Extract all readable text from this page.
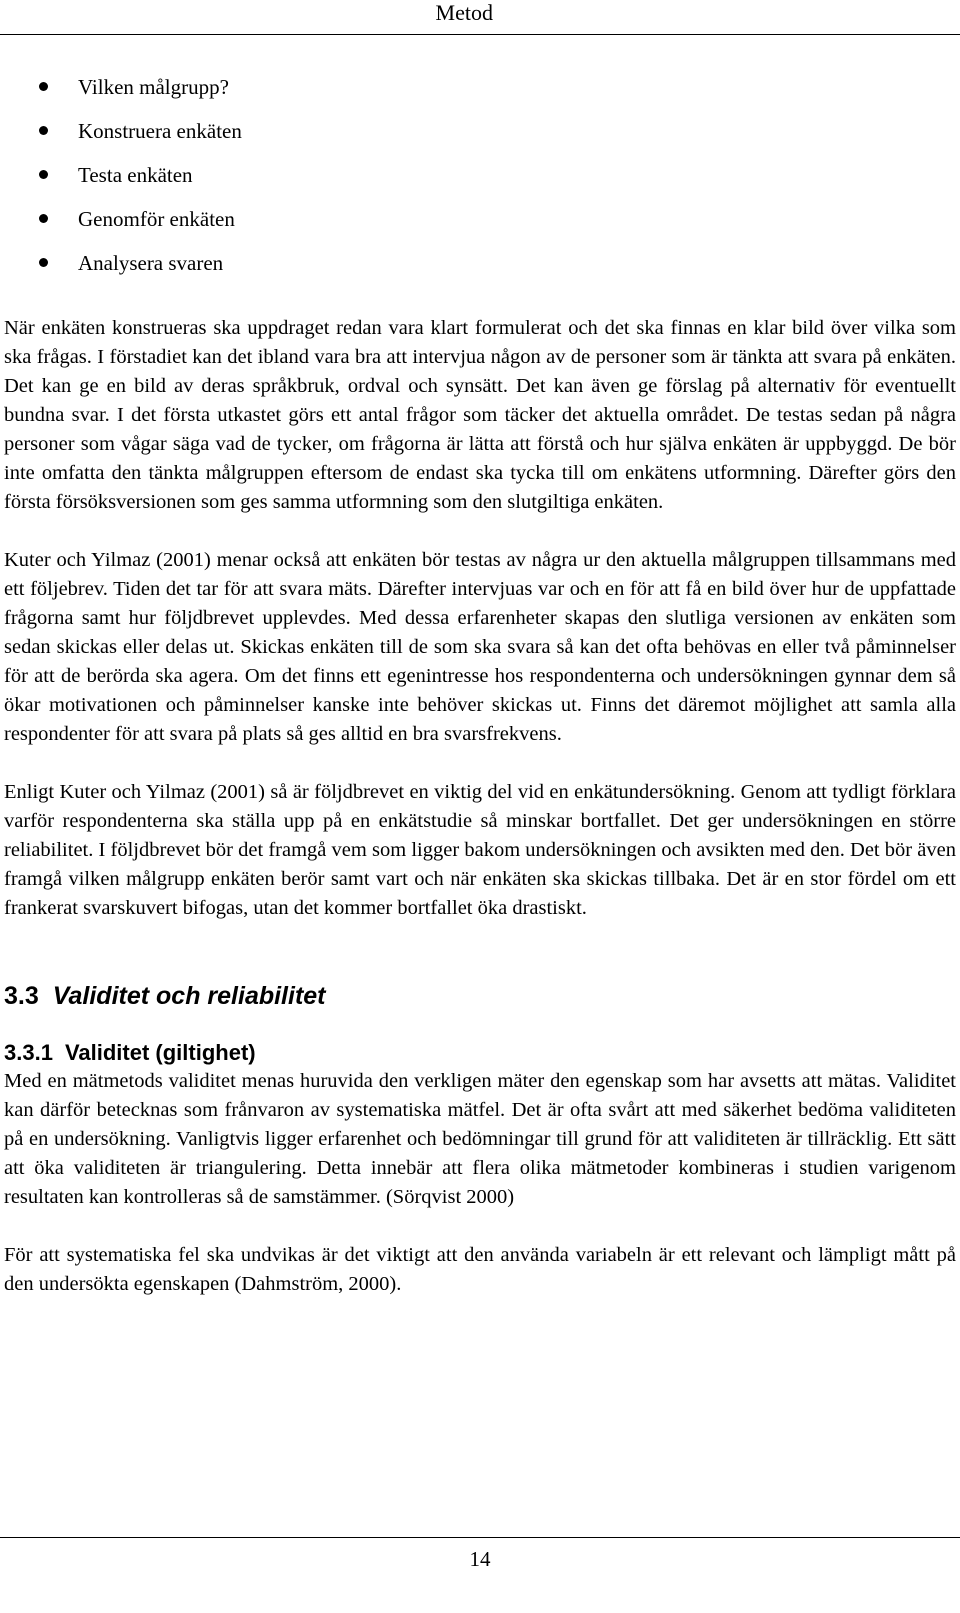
Metod
Vilken målgrupp?
Konstruera enkäten
Testa enkäten
Genomför enkäten
Analysera svaren

När enkäten konstrueras ska uppdraget redan vara klart formulerat och det ska finnas en klar bild över vilka som ska frågas. I förstadiet kan det ibland vara bra att intervjua någon av de personer som är tänkta att svara på enkäten. Det kan ge en bild av deras språkbruk, ordval och synsätt. Det kan även ge förslag på alternativ för eventuellt bundna svar. I det första utkastet görs ett antal frågor som täcker det aktuella området. De testas sedan på några personer som vågar säga vad de tycker, om frågorna är lätta att förstå och hur själva enkäten är uppbyggd. De bör inte omfatta den tänkta målgruppen eftersom de endast ska tycka till om enkätens utformning. Därefter görs den första försöksversionen som ges samma utformning som den slutgiltiga enkäten.

Kuter och Yilmaz (2001) menar också att enkäten bör testas av några ur den aktuella målgruppen tillsammans med ett följebrev. Tiden det tar för att svara mäts. Därefter intervjuas var och en för att få en bild över hur de uppfattade frågorna samt hur följdbrevet upplevdes. Med dessa erfarenheter skapas den slutliga versionen av enkäten som sedan skickas eller delas ut. Skickas enkäten till de som ska svara så kan det ofta behövas en eller två påminnelser för att de berörda ska agera. Om det finns ett egenintresse hos respondenterna och undersökningen gynnar dem så ökar motivationen och påminnelser kanske inte behöver skickas ut. Finns det däremot möjlighet att samla alla respondenter för att svara på plats så ges alltid en bra svarsfrekvens.

Enligt Kuter och Yilmaz (2001) så är följdbrevet en viktig del vid en enkätundersökning. Genom att tydligt förklara varför respondenterna ska ställa upp på en enkätstudie så minskar bortfallet. Det ger undersökningen en större reliabilitet. I följdbrevet bör det framgå vem som ligger bakom undersökningen och avsikten med den. Det bör även framgå vilken målgrupp enkäten berör samt vart och när enkäten ska skickas tillbaka. Det är en stor fördel om ett frankerat svarskuvert bifogas, utan det kommer bortfallet öka drastiskt.

3.3 Validitet och reliabilitet
3.3.1 Validitet (giltighet)

Med en mätmetods validitet menas huruvida den verkligen mäter den egenskap som har avsetts att mätas. Validitet kan därför betecknas som frånvaron av systematiska mätfel. Det är ofta svårt att med säkerhet bedöma validiteten på en undersökning. Vanligtvis ligger erfarenhet och bedömningar till grund för att validiteten är tillräcklig. Ett sätt att öka validiteten är triangulering. Detta innebär att flera olika mätmetoder kombineras i studien varigenom resultaten kan kontrolleras så de samstämmer. (Sörqvist 2000)

För att systematiska fel ska undvikas är det viktigt att den använda variabeln är ett relevant och lämpligt mått på den undersökta egenskapen (Dahmström, 2000).

14
